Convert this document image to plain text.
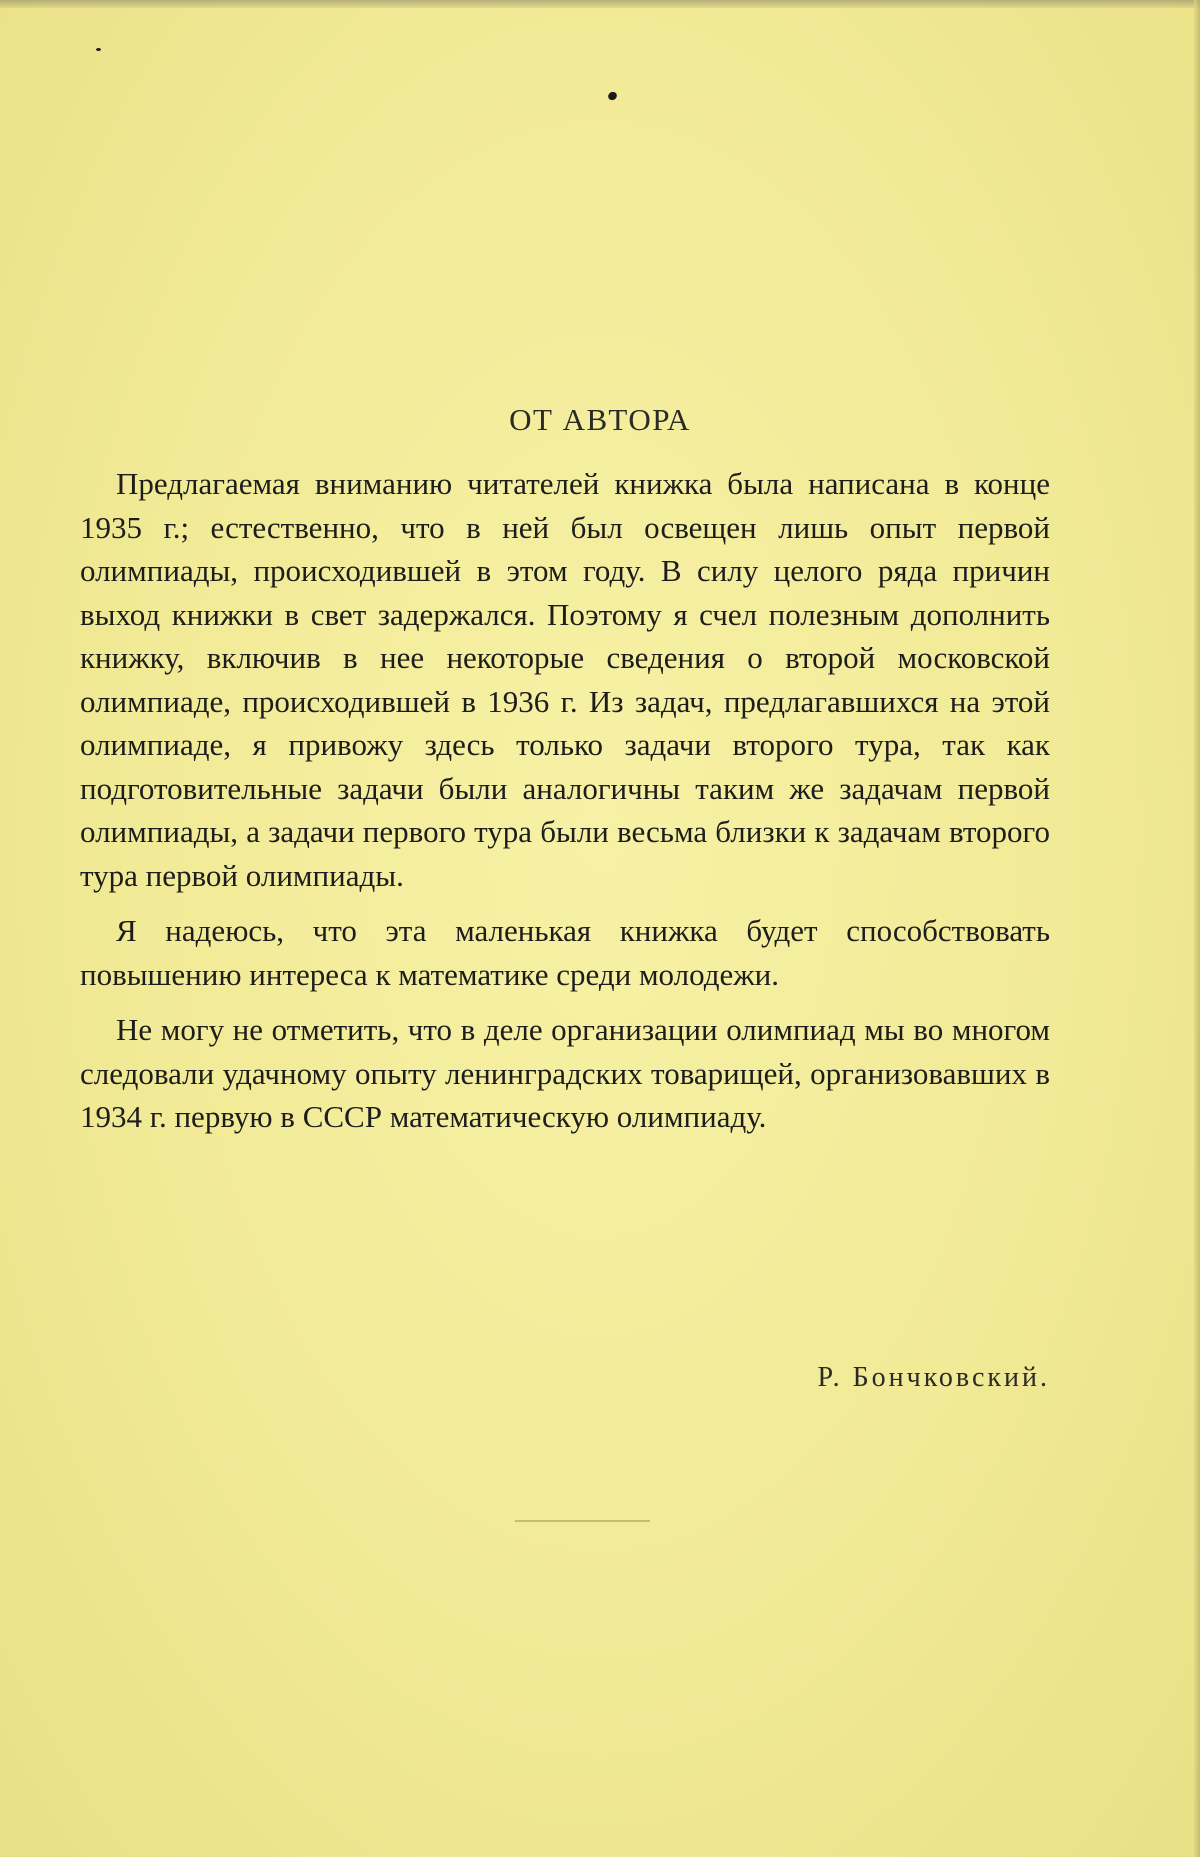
ОТ АВТОРА

Предлагаемая вниманию читателей книжка была написана в конце 1935 г.; естественно, что в ней был освещен лишь опыт первой олимпиады, происходившей в этом году. В силу целого ряда причин выход книжки в свет задержался. Поэтому я счел полезным дополнить книжку, включив в нее некоторые сведения о второй московской олимпиаде, происходившей в 1936 г. Из задач, предлагавшихся на этой олимпиаде, я привожу здесь только задачи второго тура, так как подготовительные задачи были аналогичны таким же задачам первой олимпиады, а задачи первого тура были весьма близки к задачам второго тура первой олимпиады.

Я надеюсь, что эта маленькая книжка будет способствовать повышению интереса к математике среди молодежи.

Не могу не отметить, что в деле организации олимпиад мы во многом следовали удачному опыту ленинградских товарищей, организовавших в 1934 г. первую в СССР математическую олимпиаду.

Р. Бончковский.
